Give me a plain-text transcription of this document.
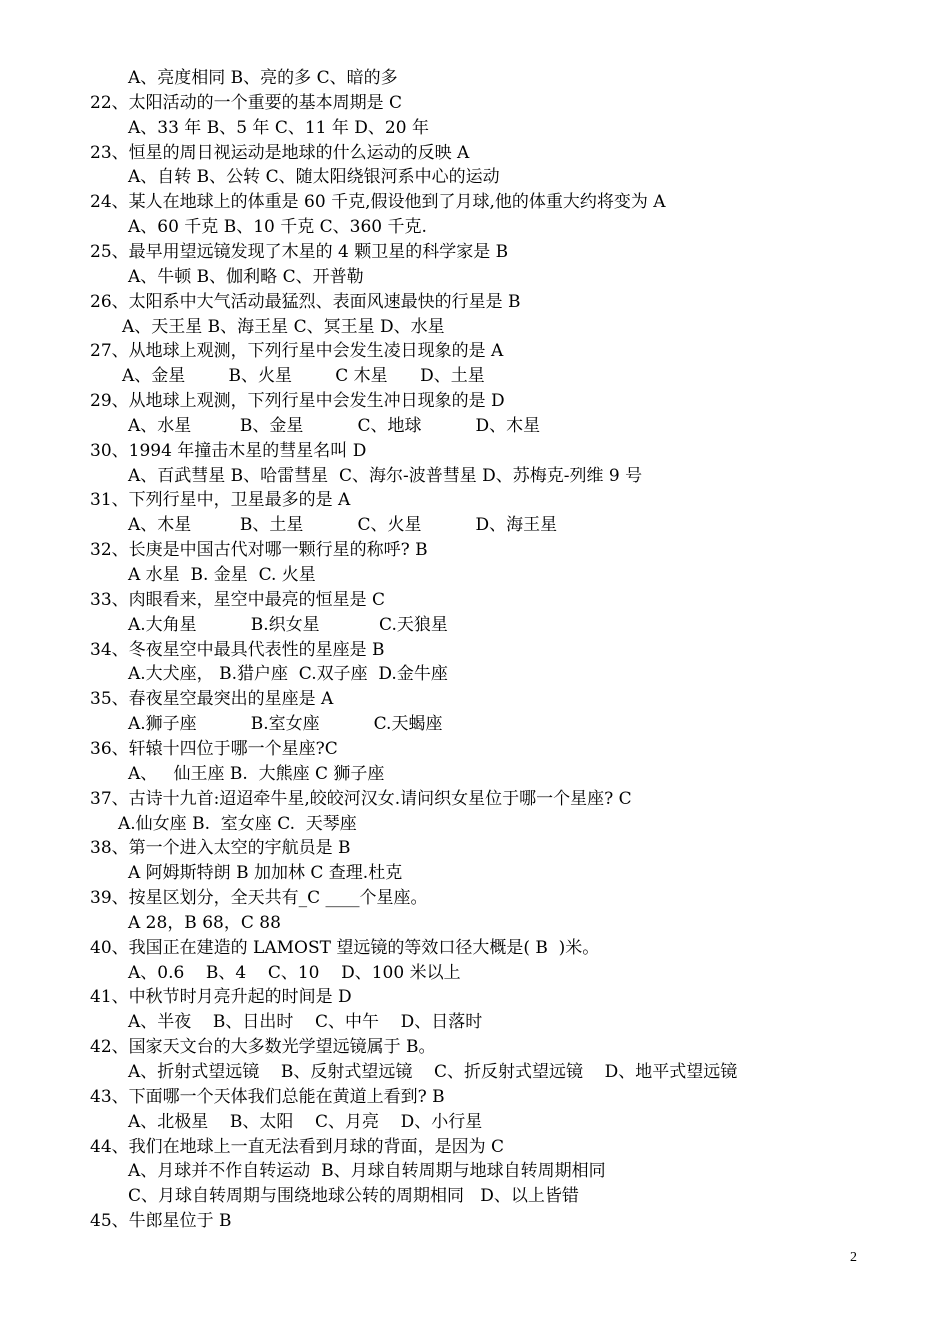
A、亮度相同 B、亮的多 C、暗的多
22、太阳活动的一个重要的基本周期是 C
A、33 年 B、5 年 C、11 年 D、20 年
23、恒星的周日视运动是地球的什么运动的反映 A
A、自转 B、公转 C、随太阳绕银河系中心的运动
24、某人在地球上的体重是 60 千克,假设他到了月球,他的体重大约将变为 A
A、60 千克 B、10 千克 C、360 千克.
25、最早用望远镜发现了木星的 4 颗卫星的科学家是 B
A、牛顿 B、伽利略 C、开普勒
26、太阳系中大气活动最猛烈、表面风速最快的行星是 B
A、天王星 B、海王星 C、冥王星 D、水星
27、从地球上观测，下列行星中会发生凌日现象的是 A
A、金星        B、火星        C 木星      D、土星
29、从地球上观测，下列行星中会发生冲日现象的是 D
A、水星         B、金星          C、地球          D、木星
30、1994 年撞击木星的彗星名叫 D
A、百武彗星 B、哈雷彗星  C、海尔-波普彗星 D、苏梅克-列维 9 号
31、下列行星中，卫星最多的是 A
A、木星         B、土星          C、火星          D、海王星
32、长庚是中国古代对哪一颗行星的称呼? B
A 水星  B. 金星  C. 火星
33、肉眼看来，星空中最亮的恒星是 C
A.大角星          B.织女星           C.天狼星
34、冬夜星空中最具代表性的星座是 B
A.大犬座， B.猎户座  C.双子座  D.金牛座
35、春夜星空最突出的星座是 A
A.狮子座          B.室女座          C.天蝎座
36、轩辕十四位于哪一个星座?C
A、   仙王座 B.  大熊座 C 狮子座
37、古诗十九首:迢迢牵牛星,皎皎河汉女.请问织女星位于哪一个星座? C
A.仙女座 B.  室女座 C.  天琴座
38、第一个进入太空的宇航员是 B
A 阿姆斯特朗 B 加加林 C 查理.杜克
39、按星区划分，全天共有_C ____个星座。
A 28，B 68，C 88
40、我国正在建造的 LAMOST 望远镜的等效口径大概是( B  )米。
A、0.6    B、4    C、10    D、100 米以上
41、中秋节时月亮升起的时间是 D
A、半夜    B、日出时    C、中午    D、日落时
42、国家天文台的大多数光学望远镜属于 B。
A、折射式望远镜    B、反射式望远镜    C、折反射式望远镜    D、地平式望远镜
43、下面哪一个天体我们总能在黄道上看到? B
A、北极星    B、太阳    C、月亮    D、小行星
44、我们在地球上一直无法看到月球的背面，是因为 C
A、月球并不作自转运动  B、月球自转周期与地球自转周期相同
C、月球自转周期与围绕地球公转的周期相同   D、以上皆错
45、牛郎星位于 B
2
